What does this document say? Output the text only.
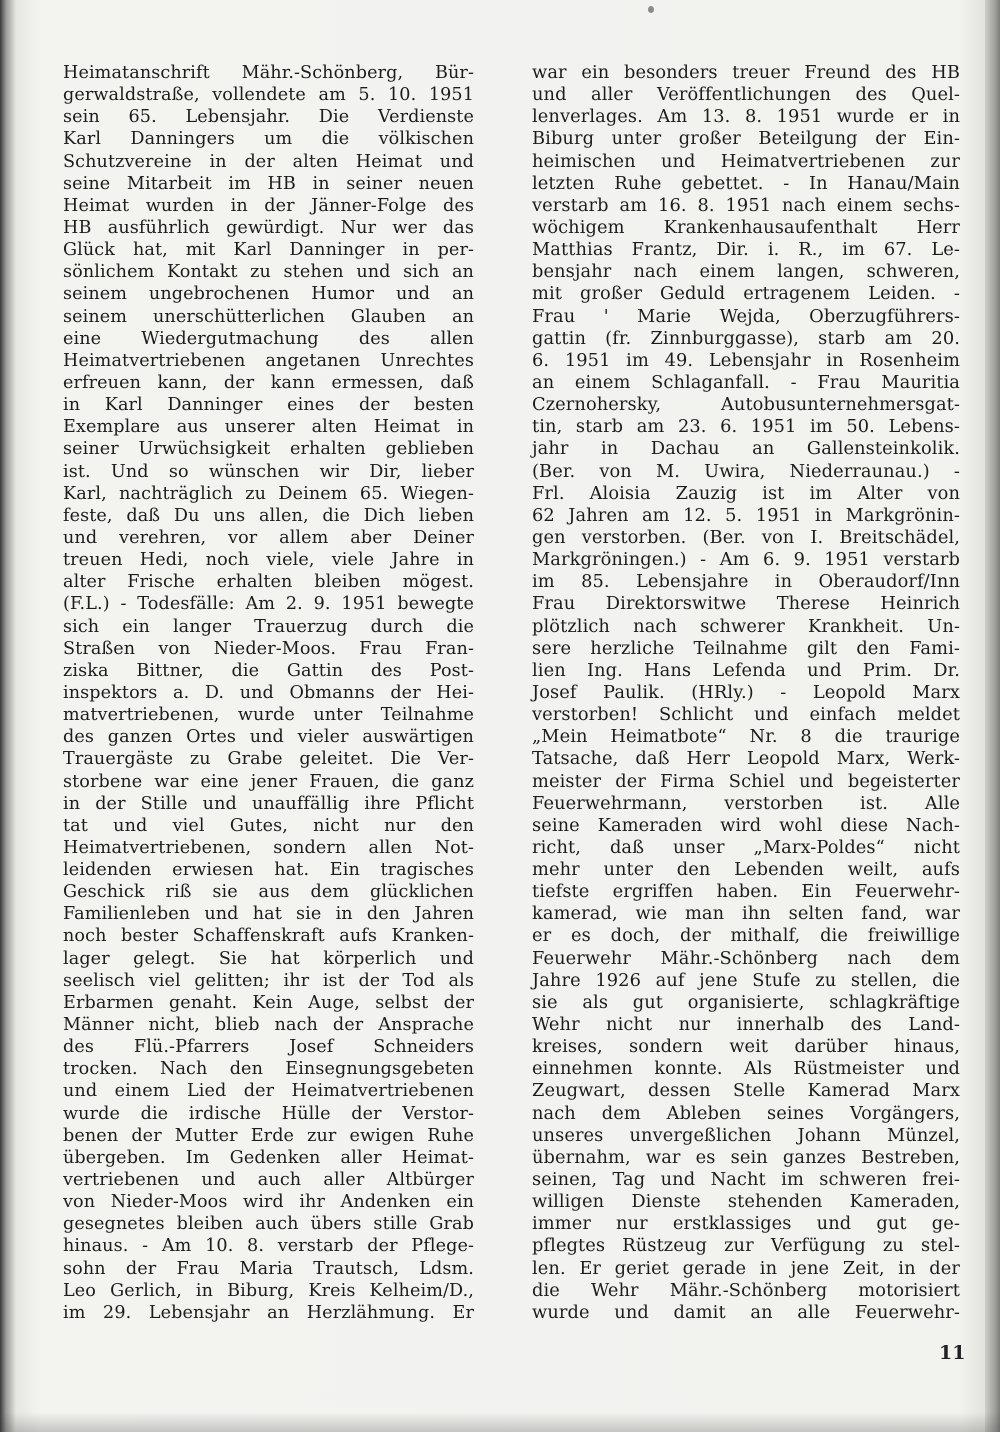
Heimatanschrift Mähr.-Schönberg, Bür-
gerwaldstraße, vollendete am 5. 10. 1951
sein 65. Lebensjahr. Die Verdienste
Karl Danningers um die völkischen
Schutzvereine in der alten Heimat und
seine Mitarbeit im HB in seiner neuen
Heimat wurden in der Jänner-Folge des
HB ausführlich gewürdigt. Nur wer das
Glück hat, mit Karl Danninger in per-
sönlichem Kontakt zu stehen und sich an
seinem ungebrochenen Humor und an
seinem unerschütterlichen Glauben an
eine Wiedergutmachung des allen
Heimatvertriebenen angetanen Unrechtes
erfreuen kann, der kann ermessen, daß
in Karl Danninger eines der besten
Exemplare aus unserer alten Heimat in
seiner Urwüchsigkeit erhalten geblieben
ist. Und so wünschen wir Dir, lieber
Karl, nachträglich zu Deinem 65. Wiegen-
feste, daß Du uns allen, die Dich lieben
und verehren, vor allem aber Deiner
treuen Hedi, noch viele, viele Jahre in
alter Frische erhalten bleiben mögest.
(F.L.) - Todesfälle: Am 2. 9. 1951 bewegte
sich ein langer Trauerzug durch die
Straßen von Nieder-Moos. Frau Fran-
ziska Bittner, die Gattin des Post-
inspektors a. D. und Obmanns der Hei-
matvertriebenen, wurde unter Teilnahme
des ganzen Ortes und vieler auswärtigen
Trauergäste zu Grabe geleitet. Die Ver-
storbene war eine jener Frauen, die ganz
in der Stille und unauffällig ihre Pflicht
tat und viel Gutes, nicht nur den
Heimatvertriebenen, sondern allen Not-
leidenden erwiesen hat. Ein tragisches
Geschick riß sie aus dem glücklichen
Familienleben und hat sie in den Jahren
noch bester Schaffenskraft aufs Kranken-
lager gelegt. Sie hat körperlich und
seelisch viel gelitten; ihr ist der Tod als
Erbarmen genaht. Kein Auge, selbst der
Männer nicht, blieb nach der Ansprache
des Flü.-Pfarrers Josef Schneiders
trocken. Nach den Einsegnungsgebeten
und einem Lied der Heimatvertriebenen
wurde die irdische Hülle der Verstor-
benen der Mutter Erde zur ewigen Ruhe
übergeben. Im Gedenken aller Heimat-
vertriebenen und auch aller Altbürger
von Nieder-Moos wird ihr Andenken ein
gesegnetes bleiben auch übers stille Grab
hinaus. - Am 10. 8. verstarb der Pflege-
sohn der Frau Maria Trautsch, Ldsm.
Leo Gerlich, in Biburg, Kreis Kelheim/D.,
im 29. Lebensjahr an Herzlähmung. Er
war ein besonders treuer Freund des HB
und aller Veröffentlichungen des Quel-
lenverlages. Am 13. 8. 1951 wurde er in
Biburg unter großer Beteilgung der Ein-
heimischen und Heimatvertriebenen zur
letzten Ruhe gebettet. - In Hanau/Main
verstarb am 16. 8. 1951 nach einem sechs-
wöchigem Krankenhausaufenthalt Herr
Matthias Frantz, Dir. i. R., im 67. Le-
bensjahr nach einem langen, schweren,
mit großer Geduld ertragenem Leiden. -
Frau ' Marie Wejda, Oberzugführers-
gattin (fr. Zinnburggasse), starb am 20.
6. 1951 im 49. Lebensjahr in Rosenheim
an einem Schlaganfall. - Frau Mauritia
Czernohersky, Autobusunternehmersgat-
tin, starb am 23. 6. 1951 im 50. Lebens-
jahr in Dachau an Gallensteinkolik.
(Ber. von M. Uwira, Niederraunau.) -
Frl. Aloisia Zauzig ist im Alter von
62 Jahren am 12. 5. 1951 in Markgrönin-
gen verstorben. (Ber. von I. Breitschädel,
Markgröningen.) - Am 6. 9. 1951 verstarb
im 85. Lebensjahre in Oberaudorf/Inn
Frau Direktorswitwe Therese Heinrich
plötzlich nach schwerer Krankheit. Un-
sere herzliche Teilnahme gilt den Fami-
lien Ing. Hans Lefenda und Prim. Dr.
Josef Paulik. (HRly.) - Leopold Marx
verstorben! Schlicht und einfach meldet
„Mein Heimatbote“ Nr. 8 die traurige
Tatsache, daß Herr Leopold Marx, Werk-
meister der Firma Schiel und begeisterter
Feuerwehrmann, verstorben ist. Alle
seine Kameraden wird wohl diese Nach-
richt, daß unser „Marx-Poldes“ nicht
mehr unter den Lebenden weilt, aufs
tiefste ergriffen haben. Ein Feuerwehr-
kamerad, wie man ihn selten fand, war
er es doch, der mithalf, die freiwillige
Feuerwehr Mähr.-Schönberg nach dem
Jahre 1926 auf jene Stufe zu stellen, die
sie als gut organisierte, schlagkräftige
Wehr nicht nur innerhalb des Land-
kreises, sondern weit darüber hinaus,
einnehmen konnte. Als Rüstmeister und
Zeugwart, dessen Stelle Kamerad Marx
nach dem Ableben seines Vorgängers,
unseres unvergeßlichen Johann Münzel,
übernahm, war es sein ganzes Bestreben,
seinen, Tag und Nacht im schweren frei-
willigen Dienste stehenden Kameraden,
immer nur erstklassiges und gut ge-
pflegtes Rüstzeug zur Verfügung zu stel-
len. Er geriet gerade in jene Zeit, in der
die Wehr Mähr.-Schönberg motorisiert
wurde und damit an alle Feuerwehr-
11
